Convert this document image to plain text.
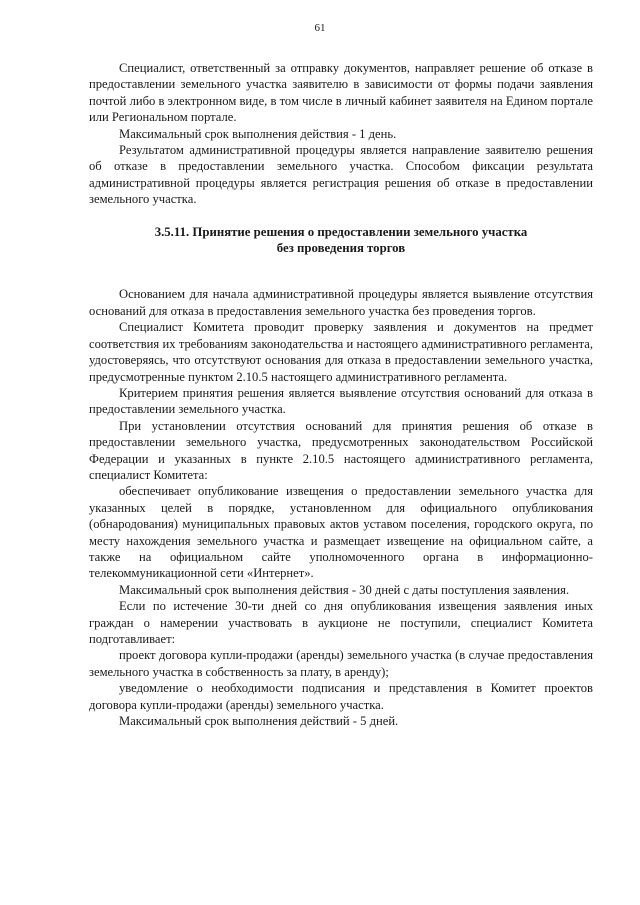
61

Специалист, ответственный за отправку документов, направляет решение об отказе в предоставлении земельного участка заявителю в зависимости от формы подачи заявления почтой либо в электронном виде, в том числе в личный кабинет заявителя на Едином портале или Региональном портале.

Максимальный срок выполнения действия - 1 день.

Результатом административной процедуры является направление заявителю решения об отказе в предоставлении земельного участка. Способом фиксации результата административной процедуры является регистрация решения об отказе в предоставлении земельного участка.

3.5.11. Принятие решения о предоставлении земельного участка
без проведения торгов

Основанием для начала административной процедуры является выявление отсутствия оснований для отказа в предоставления земельного участка без проведения торгов.

Специалист Комитета проводит проверку заявления и документов на предмет соответствия их требованиям законодательства и настоящего административного регламента, удостоверяясь, что отсутствуют основания для отказа в предоставлении земельного участка, предусмотренные пунктом 2.10.5 настоящего административного регламента.

Критерием принятия решения является выявление отсутствия оснований для отказа в предоставлении земельного участка.

При установлении отсутствия оснований для принятия решения об отказе в предоставлении земельного участка, предусмотренных законодательством Российской Федерации и указанных в пункте 2.10.5 настоящего административного регламента, специалист Комитета:

обеспечивает опубликование извещения о предоставлении земельного участка для указанных целей в порядке, установленном для официального опубликования (обнародования) муниципальных правовых актов уставом поселения, городского округа, по месту нахождения земельного участка и размещает извещение на официальном сайте, а также на официальном сайте уполномоченного органа в информационно-телекоммуникационной сети «Интернет».

Максимальный срок выполнения действия - 30 дней с даты поступления заявления.

Если по истечение 30-ти дней со дня опубликования извещения заявления иных граждан о намерении участвовать в аукционе не поступили, специалист Комитета подготавливает:

проект договора купли-продажи (аренды) земельного участка (в случае предоставления земельного участка в собственность за плату, в аренду);

уведомление о необходимости подписания и представления в Комитет проектов договора купли-продажи (аренды) земельного участка.

Максимальный срок выполнения действий - 5 дней.
